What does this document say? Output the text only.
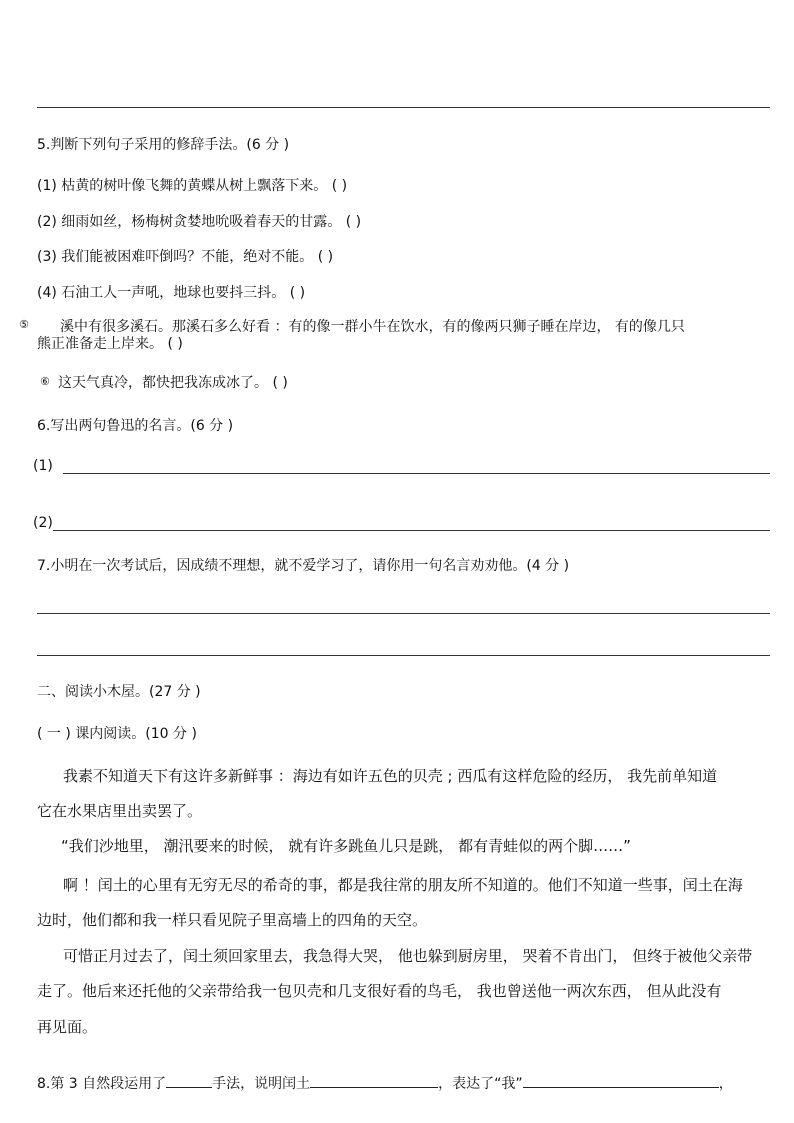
5.判断下列句子采用的修辞手法。(6 分 )
(1) 枯黄的树叶像飞舞的黄蝶从树上飘落下来。 ( )
(2) 细雨如丝，杨梅树贪婪地吮吸着春天的甘露。 ( )
(3) 我们能被困难吓倒吗？不能，绝对不能。 ( )
(4) 石油工人一声吼，地球也要抖三抖。 ( )
⑤ 溪中有很多溪石。那溪石多么好看 ：有的像一群小牛在饮水，有的像两只狮子睡在岸边， 有的像几只
熊正准备走上岸来。 ( )
⑥ 这天气真冷，都快把我冻成冰了。 ( )
6.写出两句鲁迅的名言。(6 分 )
(1)
(2)
7.小明在一次考试后，因成绩不理想，就不爱学习了，请你用一句名言劝劝他。(4 分 )
二、阅读小木屋。(27 分 )
( 一 ) 课内阅读。(10 分 )
我素不知道天下有这许多新鲜事 ：海边有如许五色的贝壳 ; 西瓜有这样危险的经历， 我先前单知道
它在水果店里出卖罢了。
“我们沙地里， 潮汛要来的时候， 就有许多跳鱼儿只是跳， 都有青蛙似的两个脚……”
啊 ！闰土的心里有无穷无尽的希奇的事，都是我往常的朋友所不知道的。他们不知道一些事，闰土在海
边时，他们都和我一样只看见院子里高墙上的四角的天空。
可惜正月过去了，闰土须回家里去，我急得大哭， 他也躲到厨房里， 哭着不肯出门， 但终于被他父亲带
走了。他后来还托他的父亲带给我一包贝壳和几支很好看的鸟毛， 我也曾送他一两次东西， 但从此没有
再见面。
8.第 3 自然段运用了	手法，说明闰土	，表达了“我”	，
